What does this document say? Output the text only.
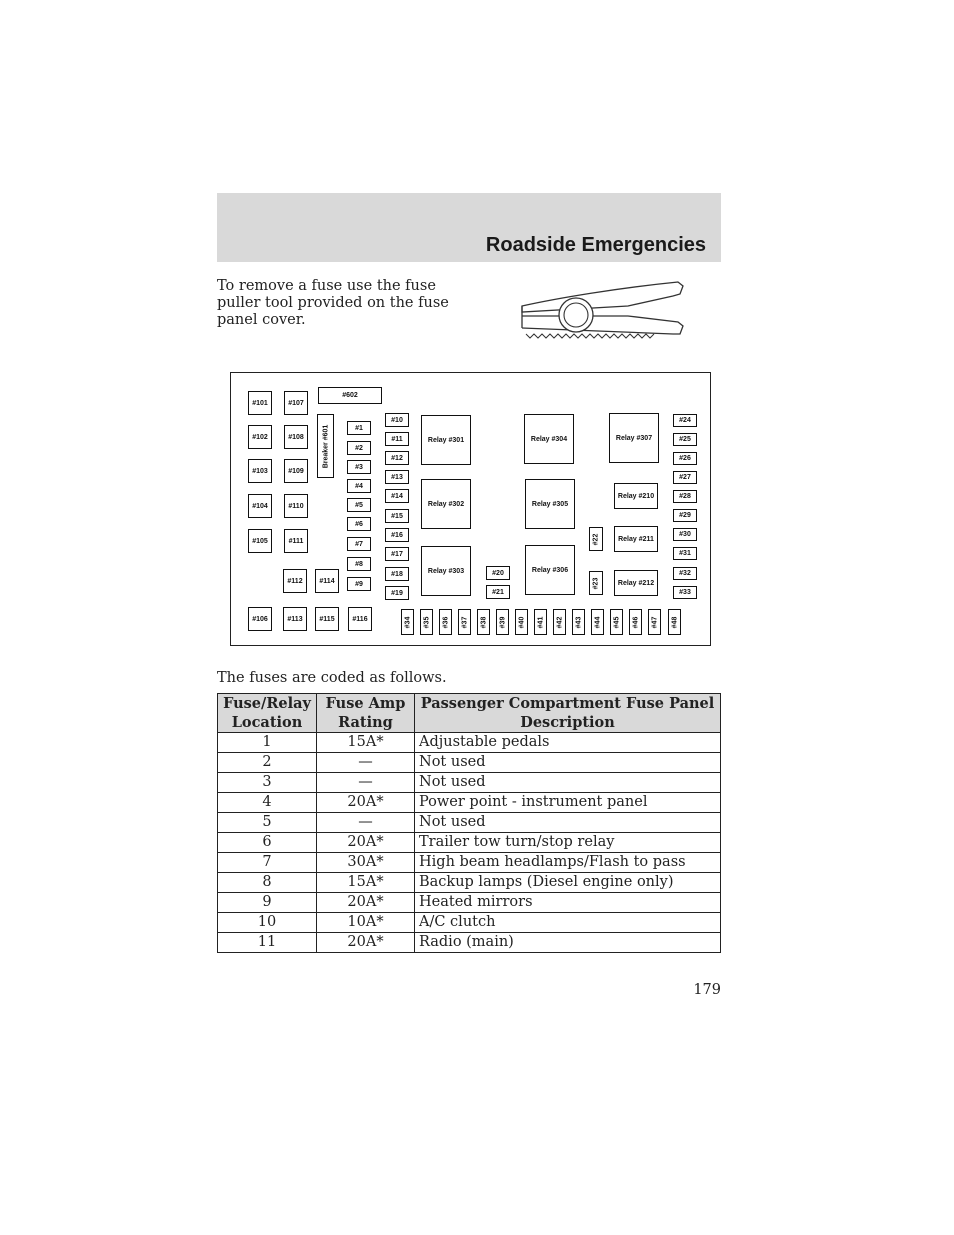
Roadside Emergencies
To remove a fuse use the fuse puller tool provided on the fuse panel cover.
#101
#102
#103
#104
#105
#106
#107
#108
#109
#110
#111
#112
#113
#114
#115	#116
#602
Breaker #601	#1
#2
#3
#4
#5
#6
#7
#8
#9
#10
#11
#12
#13
#14
#15
#16
#17
#18
#19
Relay #301
Relay #302
Relay #303
Relay #304
Relay #305
Relay #306
Relay #307
Relay #210
Relay #211
Relay #212
#20
#21
#22
#23
#24
#25
#26
#27
#28
#29
#30
#31
#32
#33
#34 #35 #36 #37 #38 #39 #40 #41 #42 #43 #44 #45 #46 #47 #48
The fuses are coded as follows.
Fuse/Relay Location	Fuse Amp Rating	Passenger Compartment Fuse Panel Description
1	15A*	Adjustable pedals
2	—	Not used
3	—	Not used
4	20A*	Power point - instrument panel
5	—	Not used
6	20A*	Trailer tow turn/stop relay
7	30A*	High beam headlamps/Flash to pass
8	15A*	Backup lamps (Diesel engine only)
9	20A*	Heated mirrors
10	10A*	A/C clutch
11	20A*	Radio (main)
179
